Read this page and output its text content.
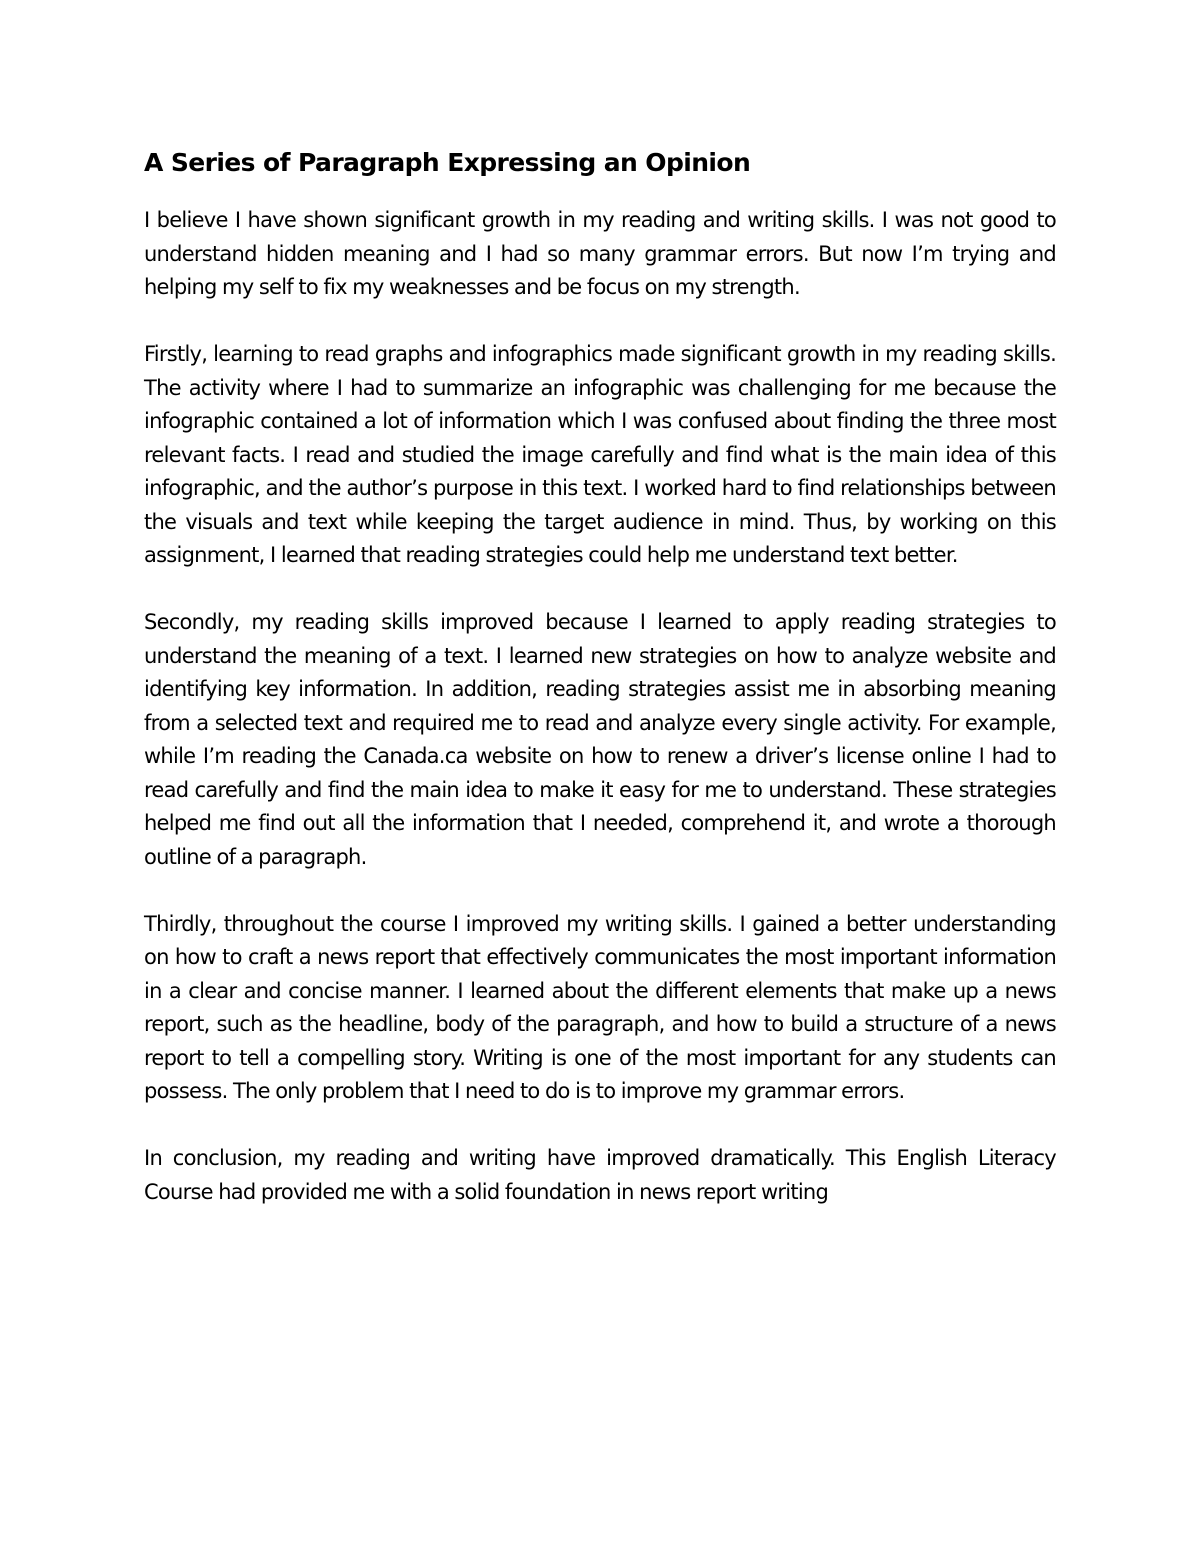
A Series of Paragraph Expressing an Opinion

I believe I have shown significant growth in my reading and writing skills. I was not good to understand hidden meaning and I had so many grammar errors. But now I’m trying and helping my self to fix my weaknesses and be focus on my strength.

Firstly, learning to read graphs and infographics made significant growth in my reading skills. The activity where I had to summarize an infographic was challenging for me because the infographic contained a lot of information which I was confused about finding the three most relevant facts. I read and studied the image carefully and find what is the main idea of this infographic, and the author’s purpose in this text. I worked hard to find relationships between the visuals and text while keeping the target audience in mind. Thus, by working on this assignment, I learned that reading strategies could help me understand text better.

Secondly, my reading skills improved because I learned to apply reading strategies to understand the meaning of a text. I learned new strategies on how to analyze website and identifying key information. In addition, reading strategies assist me in absorbing meaning from a selected text and required me to read and analyze every single activity. For example, while I’m reading the Canada.ca website on how to renew a driver’s license online I had to read carefully and find the main idea to make it easy for me to understand. These strategies helped me find out all the information that I needed, comprehend it, and wrote a thorough outline of a paragraph.

Thirdly, throughout the course I improved my writing skills. I gained a better understanding on how to craft a news report that effectively communicates the most important information in a clear and concise manner. I learned about the different elements that make up a news report, such as the headline, body of the paragraph, and how to build a structure of a news report to tell a compelling story. Writing is one of the most important for any students can possess. The only problem that I need to do is to improve my grammar errors.

In conclusion, my reading and writing have improved dramatically. This English Literacy Course had provided me with a solid foundation in news report writing
